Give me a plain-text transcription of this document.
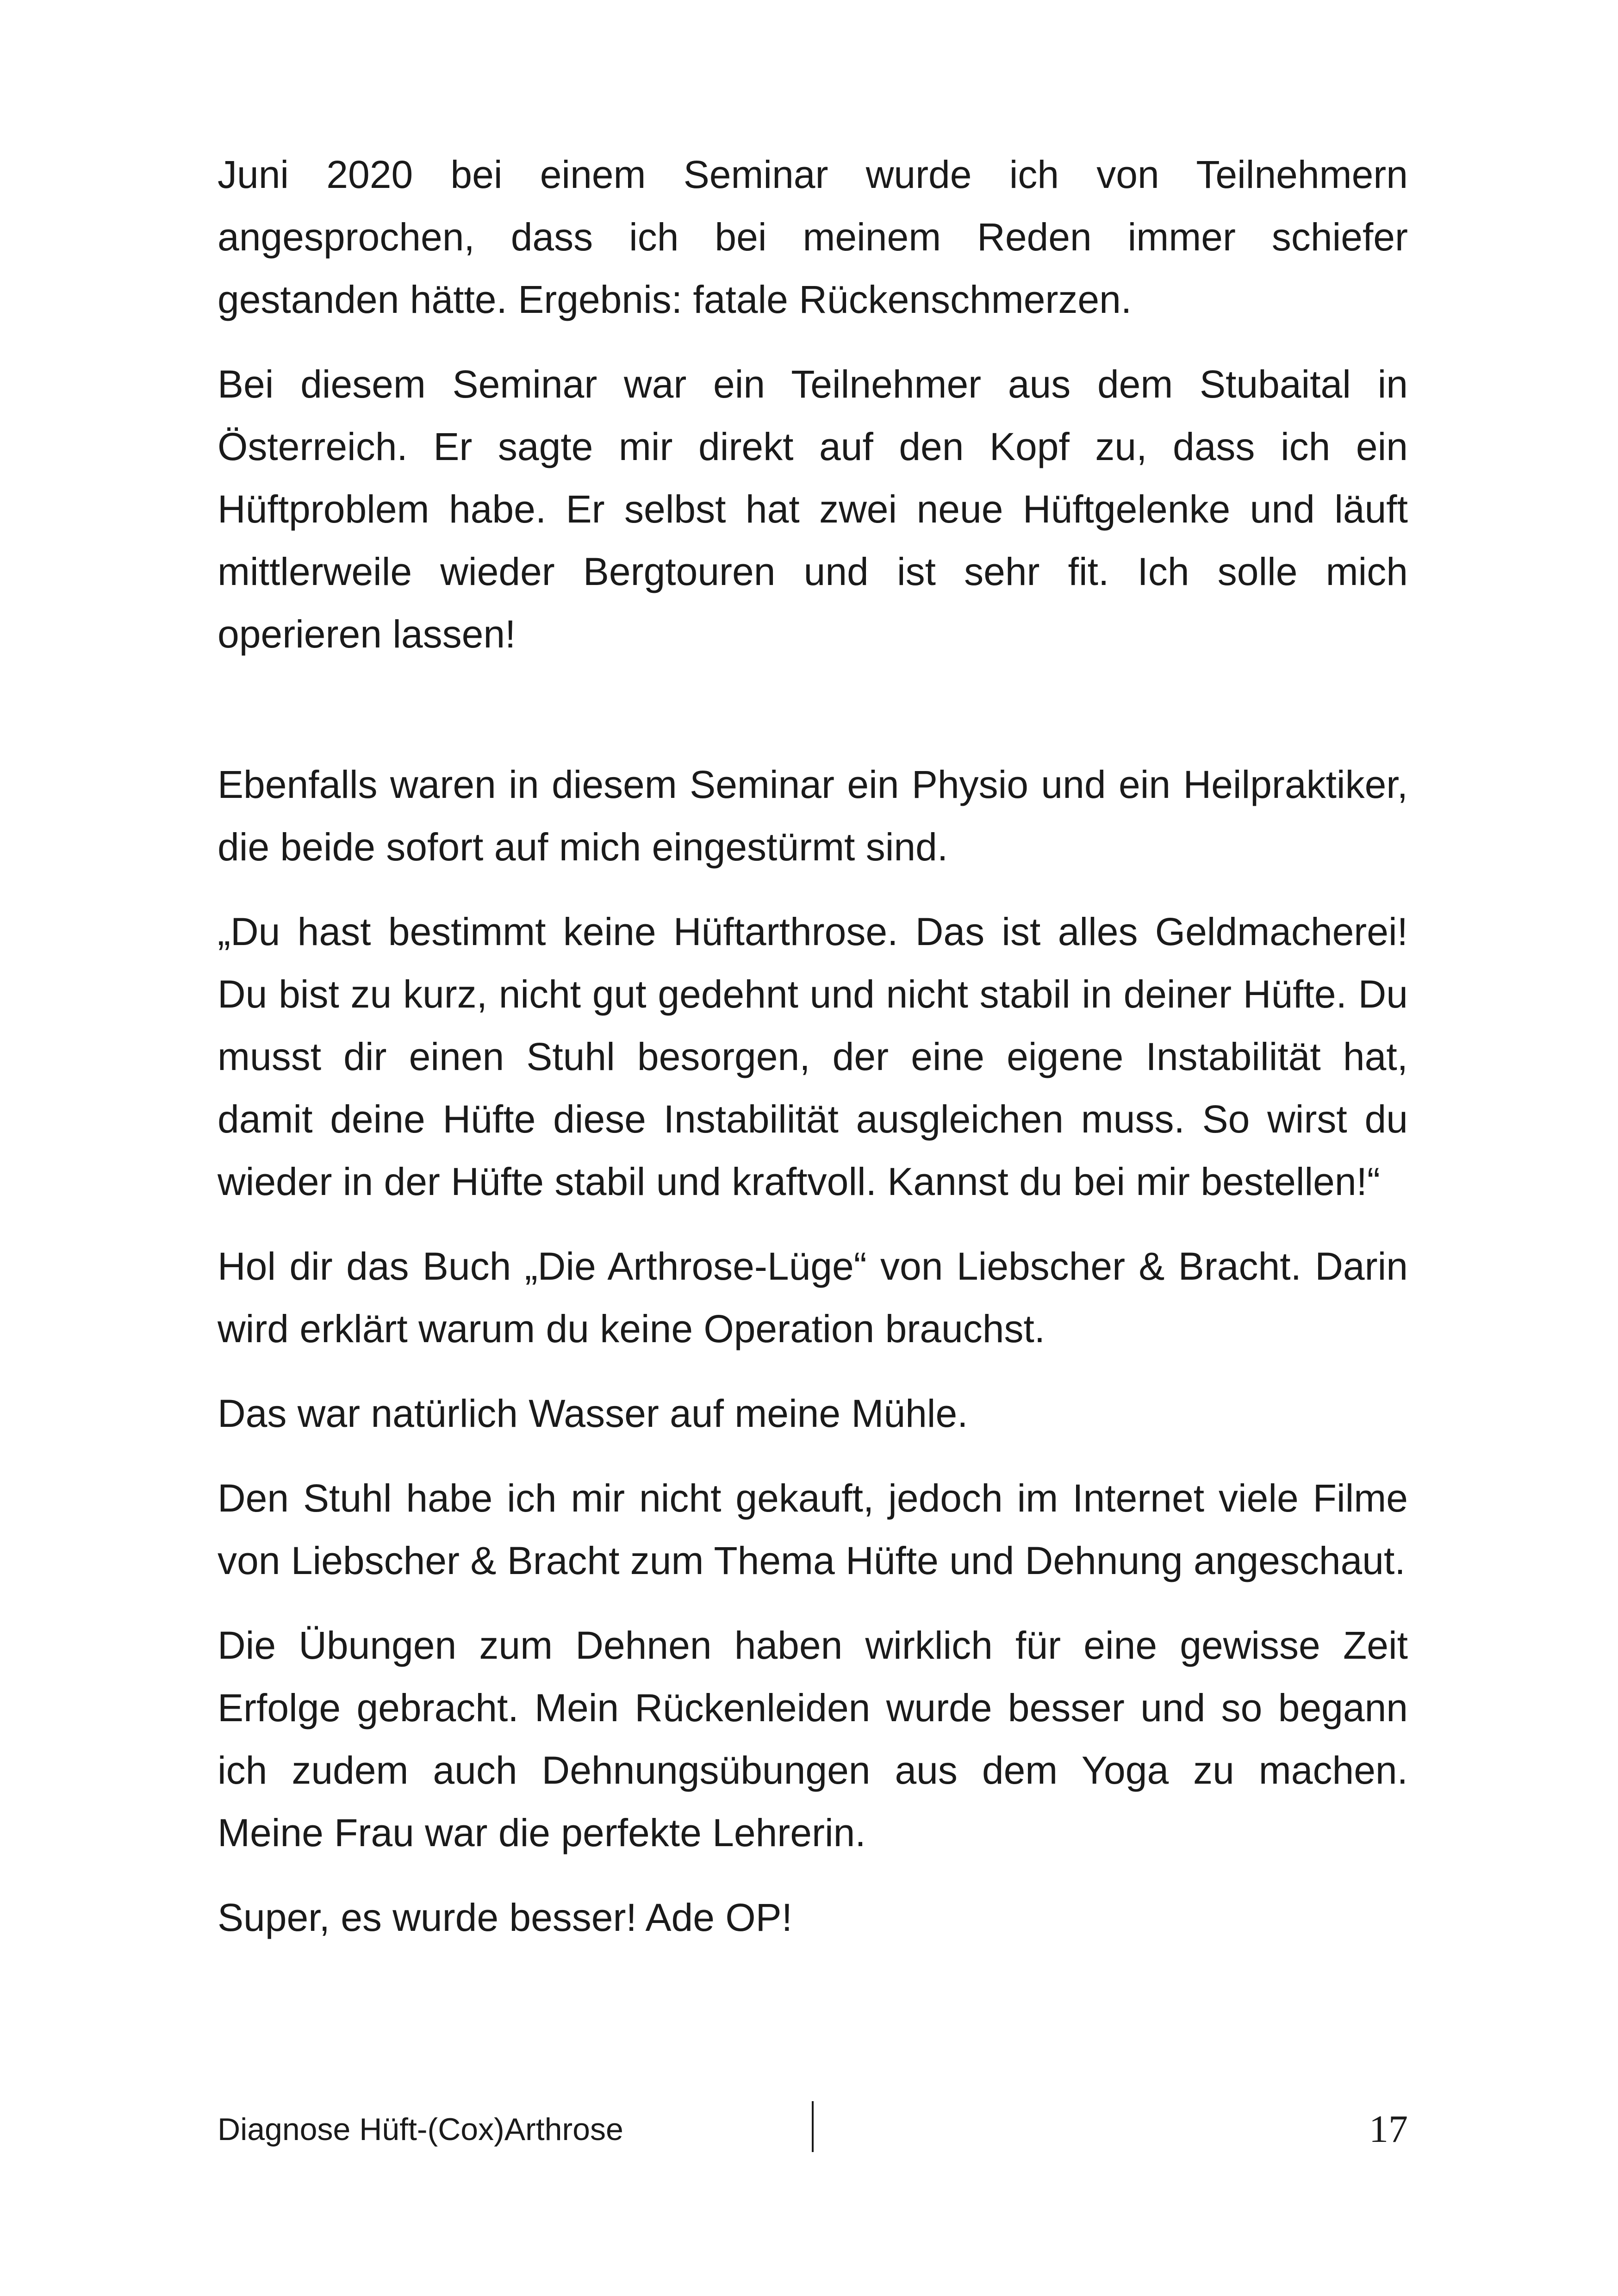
Juni 2020 bei einem Seminar wurde ich von Teilnehmern angesprochen, dass ich bei meinem Reden immer schiefer gestanden hätte. Ergebnis: fatale Rückenschmerzen.

Bei diesem Seminar war ein Teilnehmer aus dem Stubaital in Österreich. Er sagte mir direkt auf den Kopf zu, dass ich ein Hüftproblem habe. Er selbst hat zwei neue Hüftgelenke und läuft mittlerweile wieder Bergtouren und ist sehr fit. Ich solle mich operieren lassen!

Ebenfalls waren in diesem Seminar ein Physio und ein Heilpraktiker, die beide sofort auf mich eingestürmt sind.

„Du hast bestimmt keine Hüftarthrose. Das ist alles Geldmacherei! Du bist zu kurz, nicht gut gedehnt und nicht stabil in deiner Hüfte. Du musst dir einen Stuhl besorgen, der eine eigene Instabilität hat, damit deine Hüfte diese Instabilität ausgleichen muss. So wirst du wieder in der Hüfte stabil und kraftvoll. Kannst du bei mir bestellen!“

Hol dir das Buch „Die Arthrose-Lüge“ von Liebscher & Bracht. Darin wird erklärt warum du keine Operation brauchst.

Das war natürlich Wasser auf meine Mühle.

Den Stuhl habe ich mir nicht gekauft, jedoch im Internet viele Filme von Liebscher & Bracht zum Thema Hüfte und Dehnung angeschaut.

Die Übungen zum Dehnen haben wirklich für eine gewisse Zeit Erfolge gebracht. Mein Rückenleiden wurde besser und so begann ich zudem auch Dehnungsübungen aus dem Yoga zu machen. Meine Frau war die perfekte Lehrerin.

Super, es wurde besser! Ade OP!

Diagnose Hüft-(Cox)Arthrose	17
